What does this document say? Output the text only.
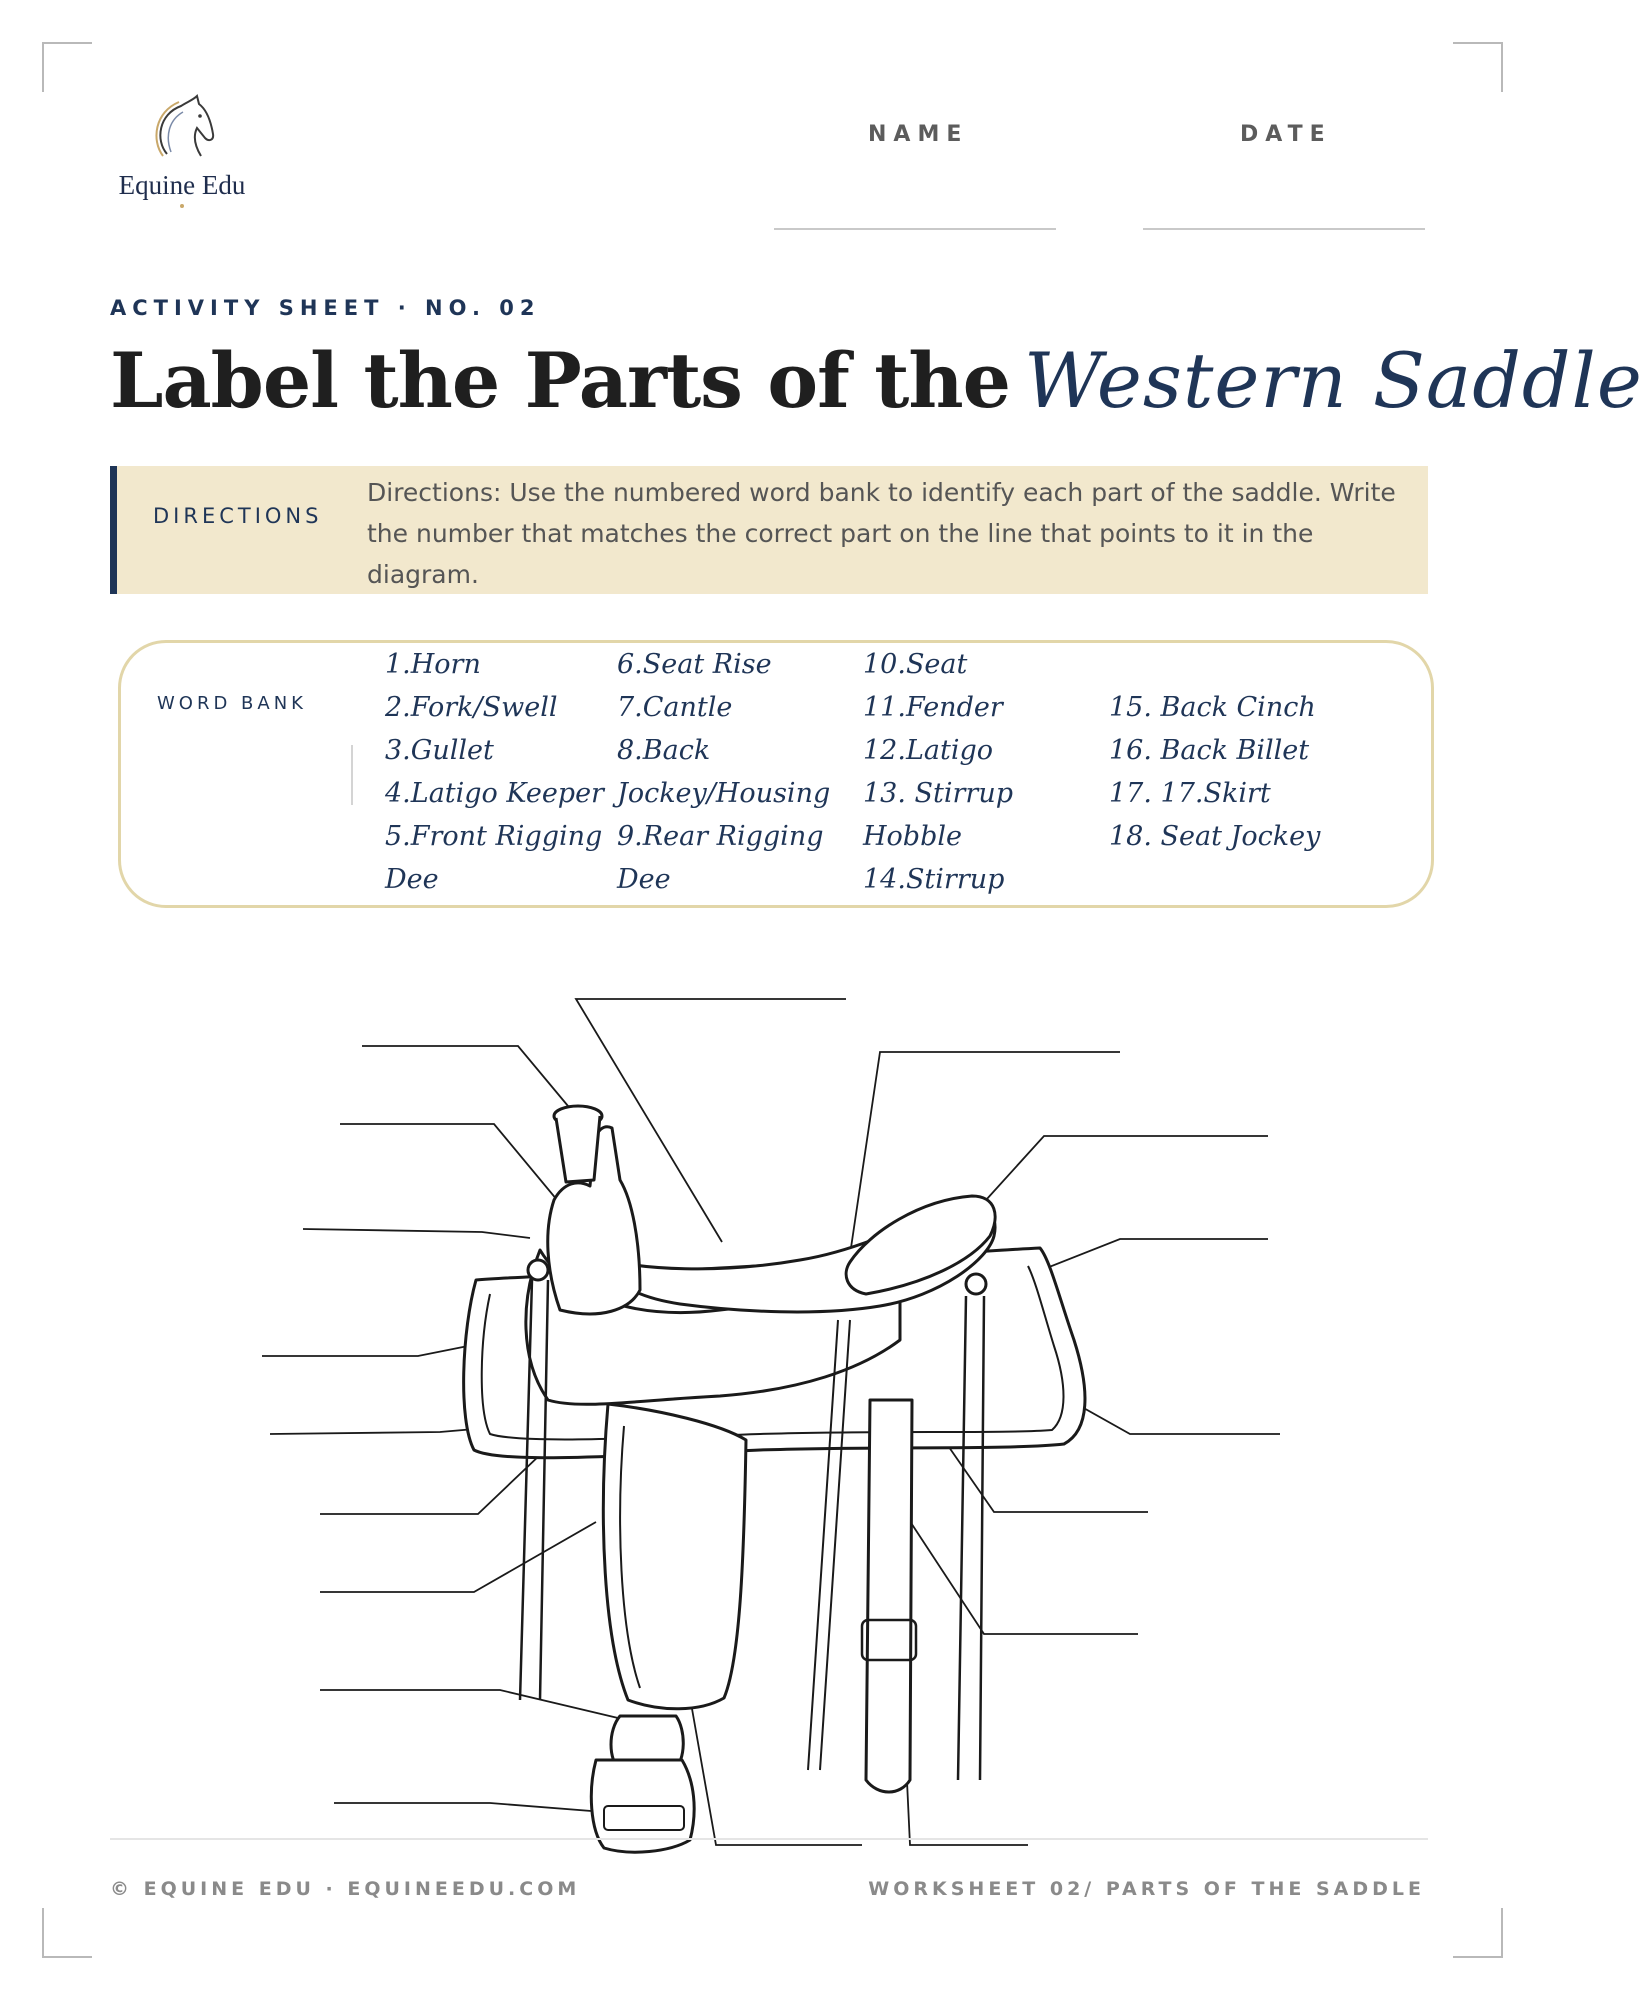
Equine Edu
NAME	DATE
ACTIVITY SHEET · NO. 02
Label the Parts of the Western Saddle
DIRECTIONS
Directions: Use the numbered word bank to identify each part of the saddle. Write the number that matches the correct part on the line that points to it in the diagram.
WORD BANK
1.Horn
2.Fork/Swell
3.Gullet
4.Latigo Keeper
5.Front Rigging
Dee
6.Seat Rise
7.Cantle
8.Back
Jockey/Housing
9.Rear Rigging
Dee
10.Seat
11.Fender
12.Latigo
13. Stirrup
Hobble
14.Stirrup
15. Back Cinch
16. Back Billet
17. 17.Skirt
18. Seat Jockey
© EQUINE EDU · EQUINEEDU.COM	WORKSHEET 02/ PARTS OF THE SADDLE
